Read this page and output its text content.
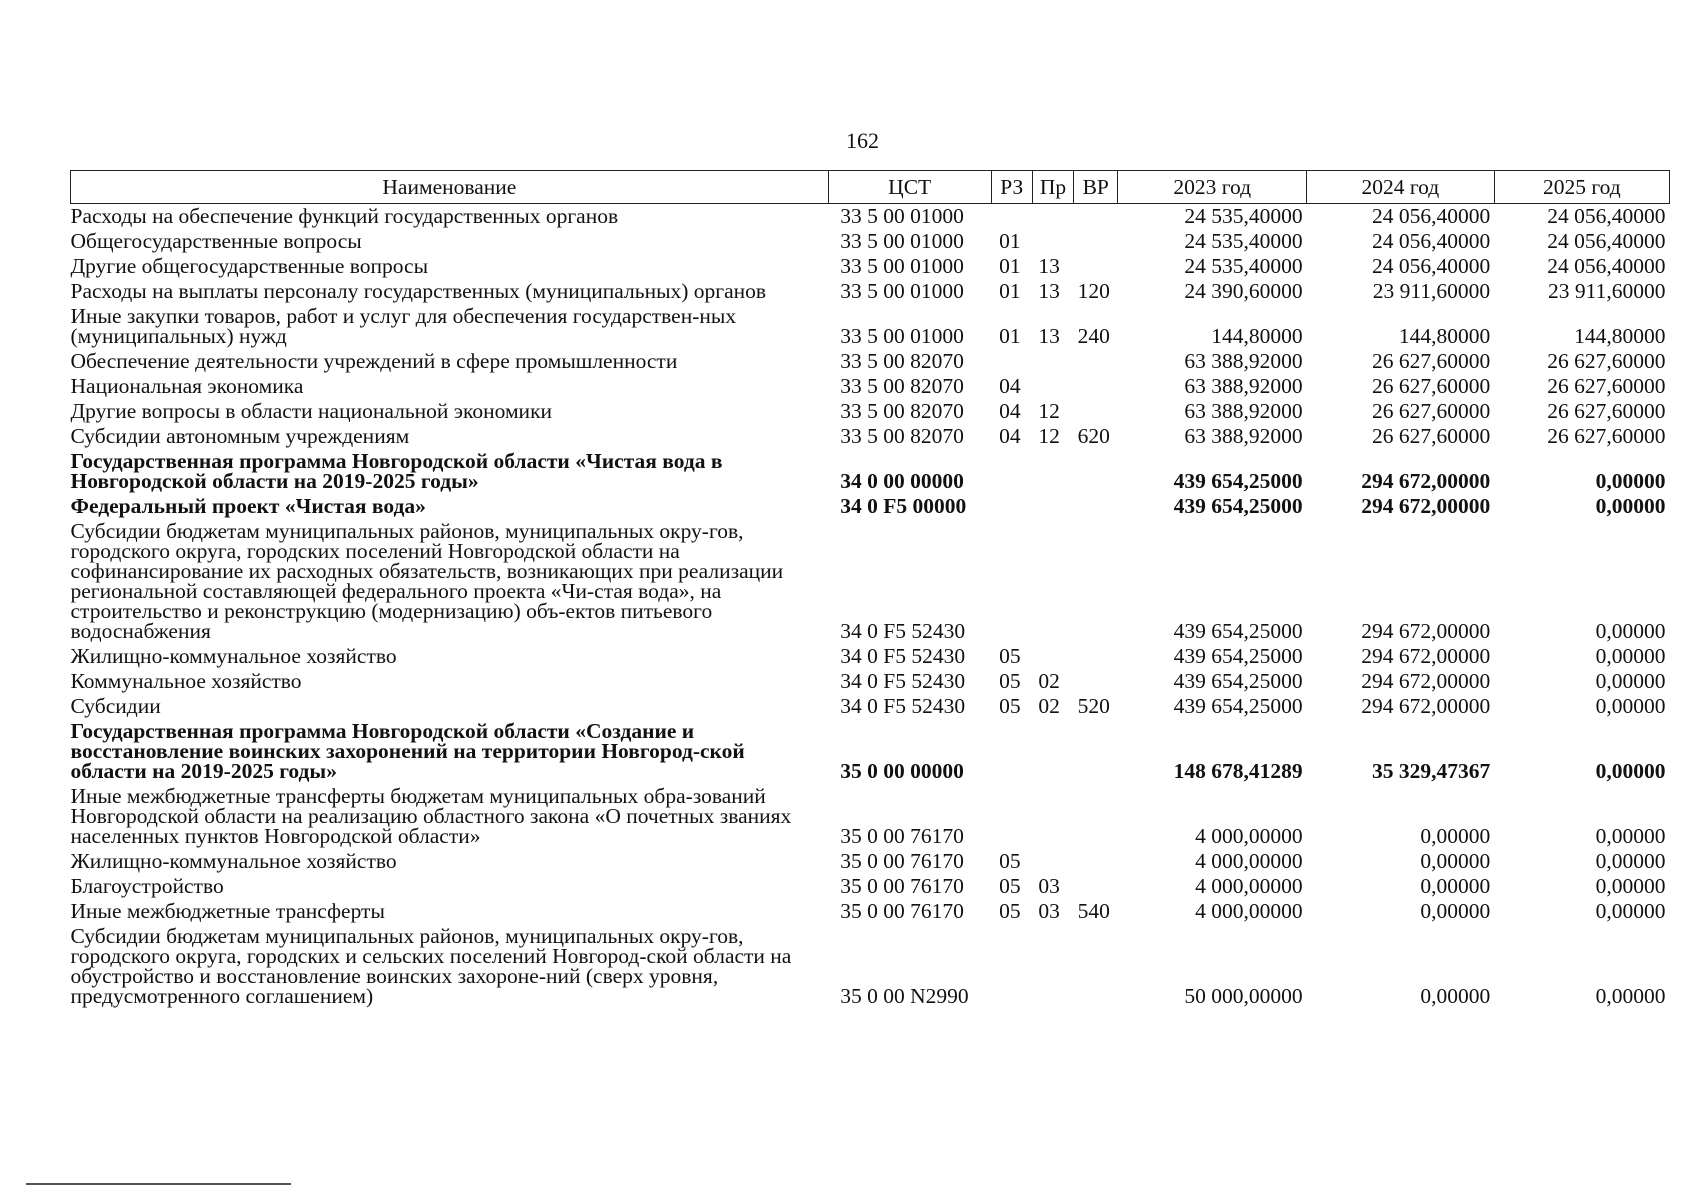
162
Наименование	ЦСТ	РЗ	Пр	ВР	2023 год	2024 год	2025 год
Расходы на обеспечение функций государственных органов	33 5 00 01000				24 535,40000	24 056,40000	24 056,40000
Общегосударственные вопросы	33 5 00 01000	01			24 535,40000	24 056,40000	24 056,40000
Другие общегосударственные вопросы	33 5 00 01000	01	13		24 535,40000	24 056,40000	24 056,40000
Расходы на выплаты персоналу государственных (муниципальных) органов	33 5 00 01000	01	13	120	24 390,60000	23 911,60000	23 911,60000
Иные закупки товаров, работ и услуг для обеспечения государствен-ных (муниципальных) нужд	33 5 00 01000	01	13	240	144,80000	144,80000	144,80000
Обеспечение деятельности учреждений в сфере промышленности	33 5 00 82070				63 388,92000	26 627,60000	26 627,60000
Национальная экономика	33 5 00 82070	04			63 388,92000	26 627,60000	26 627,60000
Другие вопросы в области национальной экономики	33 5 00 82070	04	12		63 388,92000	26 627,60000	26 627,60000
Субсидии автономным учреждениям	33 5 00 82070	04	12	620	63 388,92000	26 627,60000	26 627,60000
Государственная программа Новгородской области «Чистая вода в Новгородской области на 2019-2025 годы»	34 0 00 00000				439 654,25000	294 672,00000	0,00000
Федеральный проект «Чистая вода»	34 0 F5 00000				439 654,25000	294 672,00000	0,00000
Субсидии бюджетам муниципальных районов, муниципальных окру-гов, городского округа, городских поселений Новгородской области на софинансирование их расходных обязательств, возникающих при реализации региональной составляющей федерального проекта «Чи-стая вода», на строительство и реконструкцию (модернизацию) объ-ектов питьевого водоснабжения	34 0 F5 52430				439 654,25000	294 672,00000	0,00000
Жилищно-коммунальное хозяйство	34 0 F5 52430	05			439 654,25000	294 672,00000	0,00000
Коммунальное хозяйство	34 0 F5 52430	05	02		439 654,25000	294 672,00000	0,00000
Субсидии	34 0 F5 52430	05	02	520	439 654,25000	294 672,00000	0,00000
Государственная программа Новгородской области «Создание и восстановление воинских захоронений на территории Новгород-ской области на 2019-2025 годы»	35 0 00 00000				148 678,41289	35 329,47367	0,00000
Иные межбюджетные трансферты бюджетам муниципальных обра-зований Новгородской области на реализацию областного закона «О почетных званиях населенных пунктов Новгородской области»	35 0 00 76170				4 000,00000	0,00000	0,00000
Жилищно-коммунальное хозяйство	35 0 00 76170	05			4 000,00000	0,00000	0,00000
Благоустройство	35 0 00 76170	05	03		4 000,00000	0,00000	0,00000
Иные межбюджетные трансферты	35 0 00 76170	05	03	540	4 000,00000	0,00000	0,00000
Субсидии бюджетам муниципальных районов, муниципальных окру-гов, городского округа, городских и сельских поселений Новгород-ской области на обустройство и восстановление воинских захороне-ний (сверх уровня, предусмотренного соглашением)	35 0 00 N2990				50 000,00000	0,00000	0,00000
